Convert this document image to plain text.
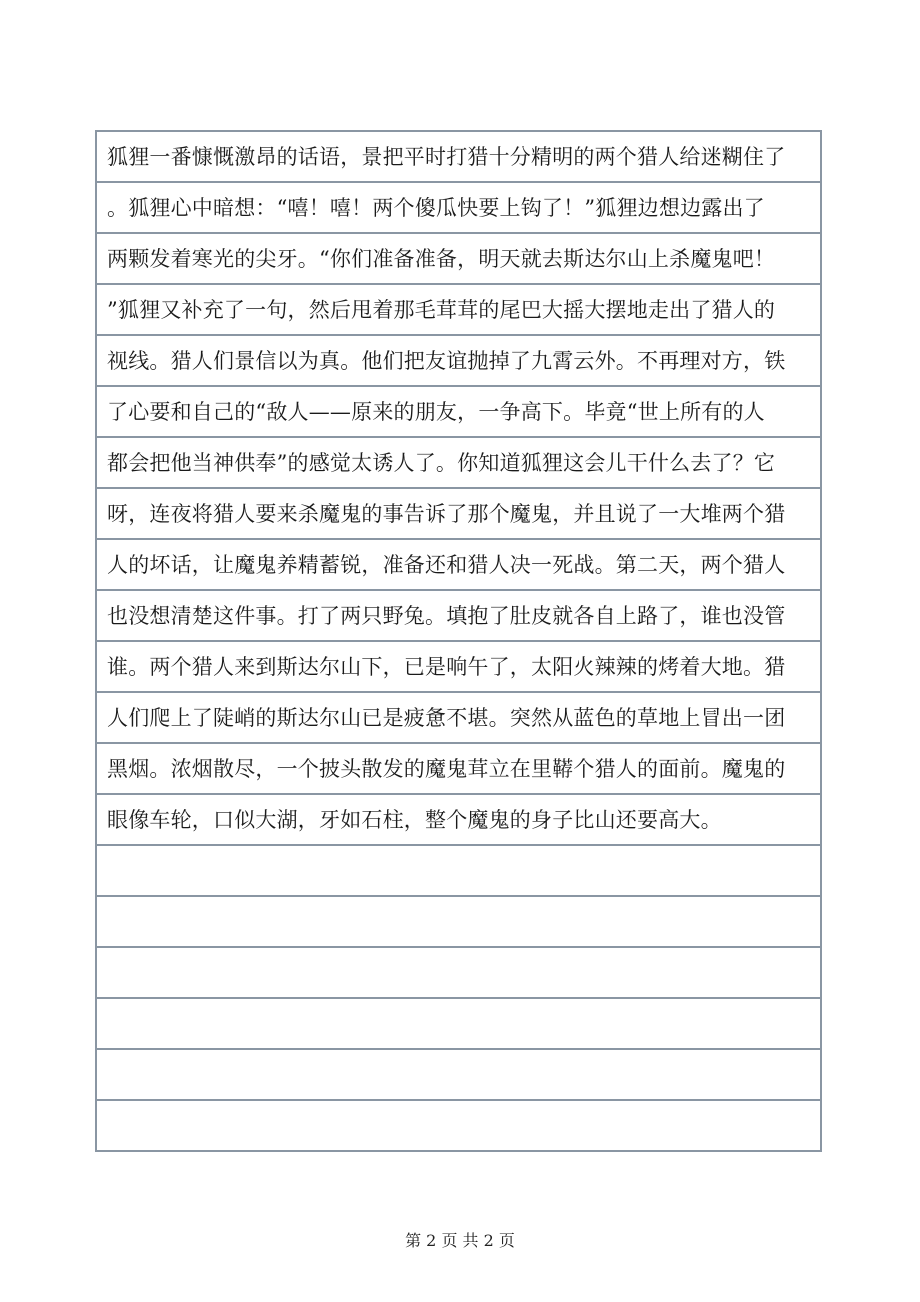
狐狸一番慷慨激昂的话语，景把平时打猎十分精明的两个猎人给迷糊住了
。狐狸心中暗想：“嘻！嘻！两个傻瓜快要上钩了！”狐狸边想边露出了
两颗发着寒光的尖牙。“你们准备准备，明天就去斯达尔山上杀魔鬼吧！
”狐狸又补充了一句，然后甩着那毛茸茸的尾巴大摇大摆地走出了猎人的
视线。猎人们景信以为真。他们把友谊抛掉了九霄云外。不再理对方，铁
了心要和自己的“敌人——原来的朋友，一争高下。毕竟“世上所有的人
都会把他当神供奉”的感觉太诱人了。你知道狐狸这会儿干什么去了？它
呀，连夜将猎人要来杀魔鬼的事告诉了那个魔鬼，并且说了一大堆两个猎
人的坏话，让魔鬼养精蓄锐，准备还和猎人决一死战。第二天，两个猎人
也没想清楚这件事。打了两只野兔。填抱了肚皮就各自上路了，谁也没管
谁。两个猎人来到斯达尔山下，已是响午了，太阳火辣辣的烤着大地。猎
人们爬上了陡峭的斯达尔山已是疲惫不堪。突然从蓝色的草地上冒出一团
黑烟。浓烟散尽，一个披头散发的魔鬼茸立在里鞯个猎人的面前。魔鬼的
眼像车轮，口似大湖，牙如石柱，整个魔鬼的身子比山还要高大。
第 2 页 共 2 页
